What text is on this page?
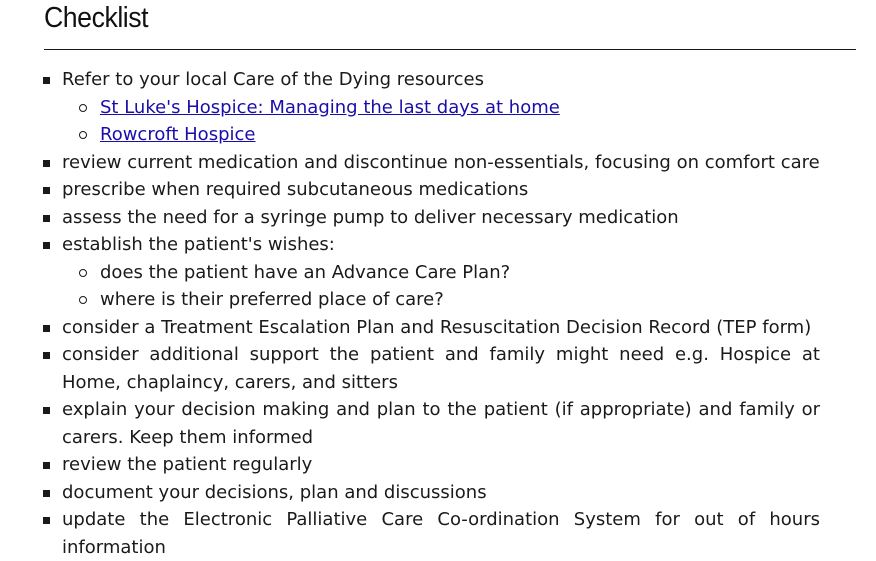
Checklist
Refer to your local Care of the Dying resources
St Luke's Hospice: Managing the last days at home
Rowcroft Hospice
review current medication and discontinue non-essentials, focusing on comfort care
prescribe when required subcutaneous medications
assess the need for a syringe pump to deliver necessary medication
establish the patient's wishes:
does the patient have an Advance Care Plan?
where is their preferred place of care?
consider a Treatment Escalation Plan and Resuscitation Decision Record (TEP form)
consider additional support the patient and family might need e.g. Hospice at Home, chaplaincy, carers, and sitters
explain your decision making and plan to the patient (if appropriate) and family or carers. Keep them informed
review the patient regularly
document your decisions, plan and discussions
update the Electronic Palliative Care Co-ordination System for out of hours information
